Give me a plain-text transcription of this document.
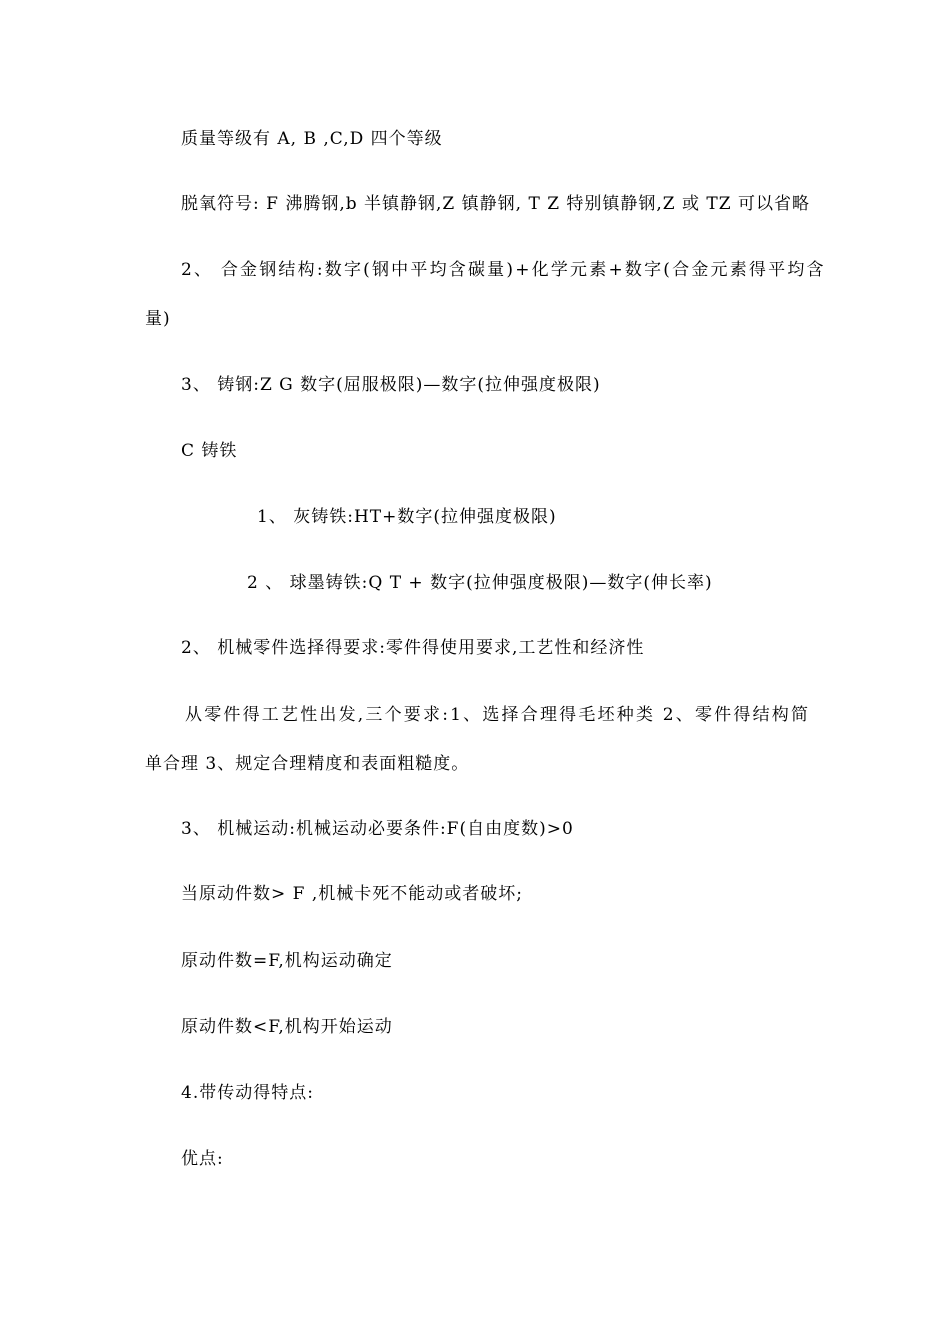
质量等级有 A, B ,C,D 四个等级
脱氧符号: F 沸腾钢,b 半镇静钢,Z 镇静钢, T Z 特别镇静钢,Z 或 TZ 可以省略
2、 合金钢结构:数字(钢中平均含碳量)+化学元素+数字(合金元素得平均含
量)
3、 铸钢:Z G 数字(屈服极限)—数字(拉伸强度极限)
C 铸铁
1、 灰铸铁:HT+数字(拉伸强度极限)
2 、 球墨铸铁:Q T + 数字(拉伸强度极限)—数字(伸长率)
2、 机械零件选择得要求:零件得使用要求,工艺性和经济性
从零件得工艺性出发,三个要求:1、选择合理得毛坯种类 2、零件得结构简
单合理 3、规定合理精度和表面粗糙度。
3、 机械运动:机械运动必要条件:F(自由度数)>0
当原动件数> F ,机械卡死不能动或者破坏;
原动件数=F,机构运动确定
原动件数<F,机构开始运动
4.带传动得特点:
优点:
